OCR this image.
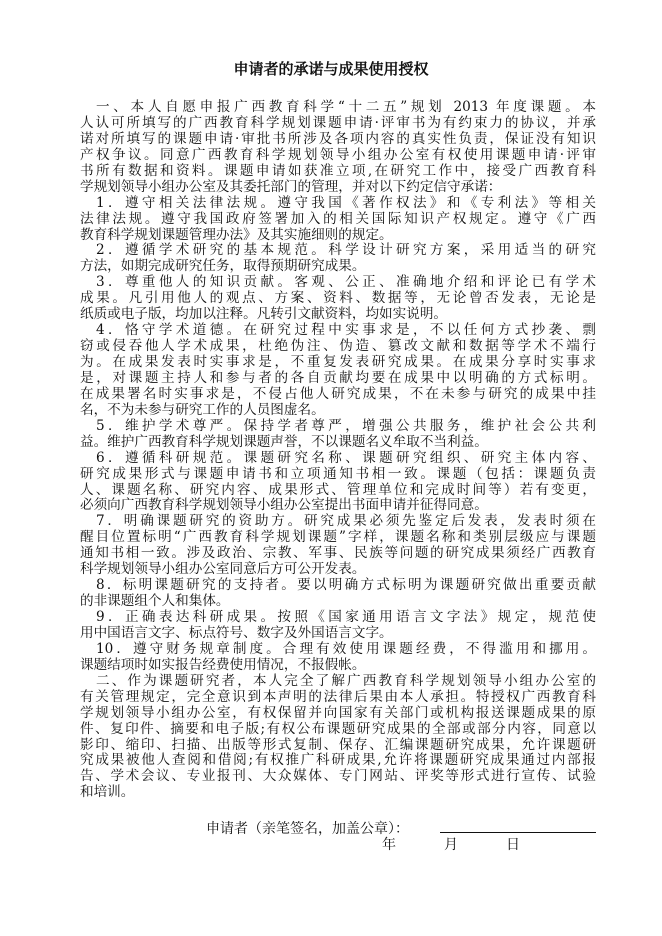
申请者的承诺与成果使用授权
一、本人自愿申报广西教育科学“十二五”规划 2013 年度课题。本
人认可所填写的广西教育科学规划课题申请·评审书为有约束力的协议，并承
诺对所填写的课题申请·审批书所涉及各项内容的真实性负责，保证没有知识
产权争议。同意广西教育科学规划领导小组办公室有权使用课题申请·评审
书所有数据和资料。课题申请如获准立项,在研究工作中，接受广西教育科
学规划领导小组办公室及其委托部门的管理，并对以下约定信守承诺：
1．遵守相关法律法规。遵守我国《著作权法》和《专利法》等相关
法律法规。遵守我国政府签署加入的相关国际知识产权规定。遵守《广西
教育科学规划课题管理办法》及其实施细则的规定。
2．遵循学术研究的基本规范。科学设计研究方案，采用适当的研究
方法，如期完成研究任务，取得预期研究成果。
3．尊重他人的知识贡献。客观、公正、准确地介绍和评论已有学术
成果。凡引用他人的观点、方案、资料、数据等，无论曾否发表，无论是
纸质或电子版，均加以注释。凡转引文献资料，均如实说明。
4．恪守学术道德。在研究过程中实事求是，不以任何方式抄袭、剽
窃或侵吞他人学术成果，杜绝伪注、伪造、篡改文献和数据等学术不端行
为。在成果发表时实事求是，不重复发表研究成果。在成果分享时实事求
是，对课题主持人和参与者的各自贡献均要在成果中以明确的方式标明。
在成果署名时实事求是，不侵占他人研究成果，不在未参与研究的成果中挂
名，不为未参与研究工作的人员图虚名。
5．维护学术尊严。保持学者尊严，增强公共服务，维护社会公共利
益。维护广西教育科学规划课题声誉，不以课题名义牟取不当利益。
6．遵循科研规范。课题研究名称、课题研究组织、研究主体内容、
研究成果形式与课题申请书和立项通知书相一致。课题（包括：课题负责
人、课题名称、研究内容、成果形式、管理单位和完成时间等）若有变更，
必须向广西教育科学规划领导小组办公室提出书面申请并征得同意。
7．明确课题研究的资助方。研究成果必须先鉴定后发表，发表时须在
醒目位置标明“广西教育科学规划课题”字样，课题名称和类别层级应与课题
通知书相一致。涉及政治、宗教、军事、民族等问题的研究成果须经广西教育
科学规划领导小组办公室同意后方可公开发表。
8．标明课题研究的支持者。要以明确方式标明为课题研究做出重要贡献
的非课题组个人和集体。
9．正确表达科研成果。按照《国家通用语言文字法》规定，规范使
用中国语言文字、标点符号、数字及外国语言文字。
10．遵守财务规章制度。合理有效使用课题经费，不得滥用和挪用。
课题结项时如实报告经费使用情况，不报假帐。
二、作为课题研究者，本人完全了解广西教育科学规划领导小组办公室的
有关管理规定，完全意识到本声明的法律后果由本人承担。特授权广西教育科
学规划领导小组办公室，有权保留并向国家有关部门或机构报送课题成果的原
件、复印件、摘要和电子版;有权公布课题研究成果的全部或部分内容，同意以
影印、缩印、扫描、出版等形式复制、保存、汇编课题研究成果，允许课题研
究成果被他人查阅和借阅;有权推广科研成果,允许将课题研究成果通过内部报
告、学术会议、专业报刊、大众媒体、专门网站、评奖等形式进行宣传、试验
和培训。
申请者（亲笔签名，加盖公章）：
年	月	日
